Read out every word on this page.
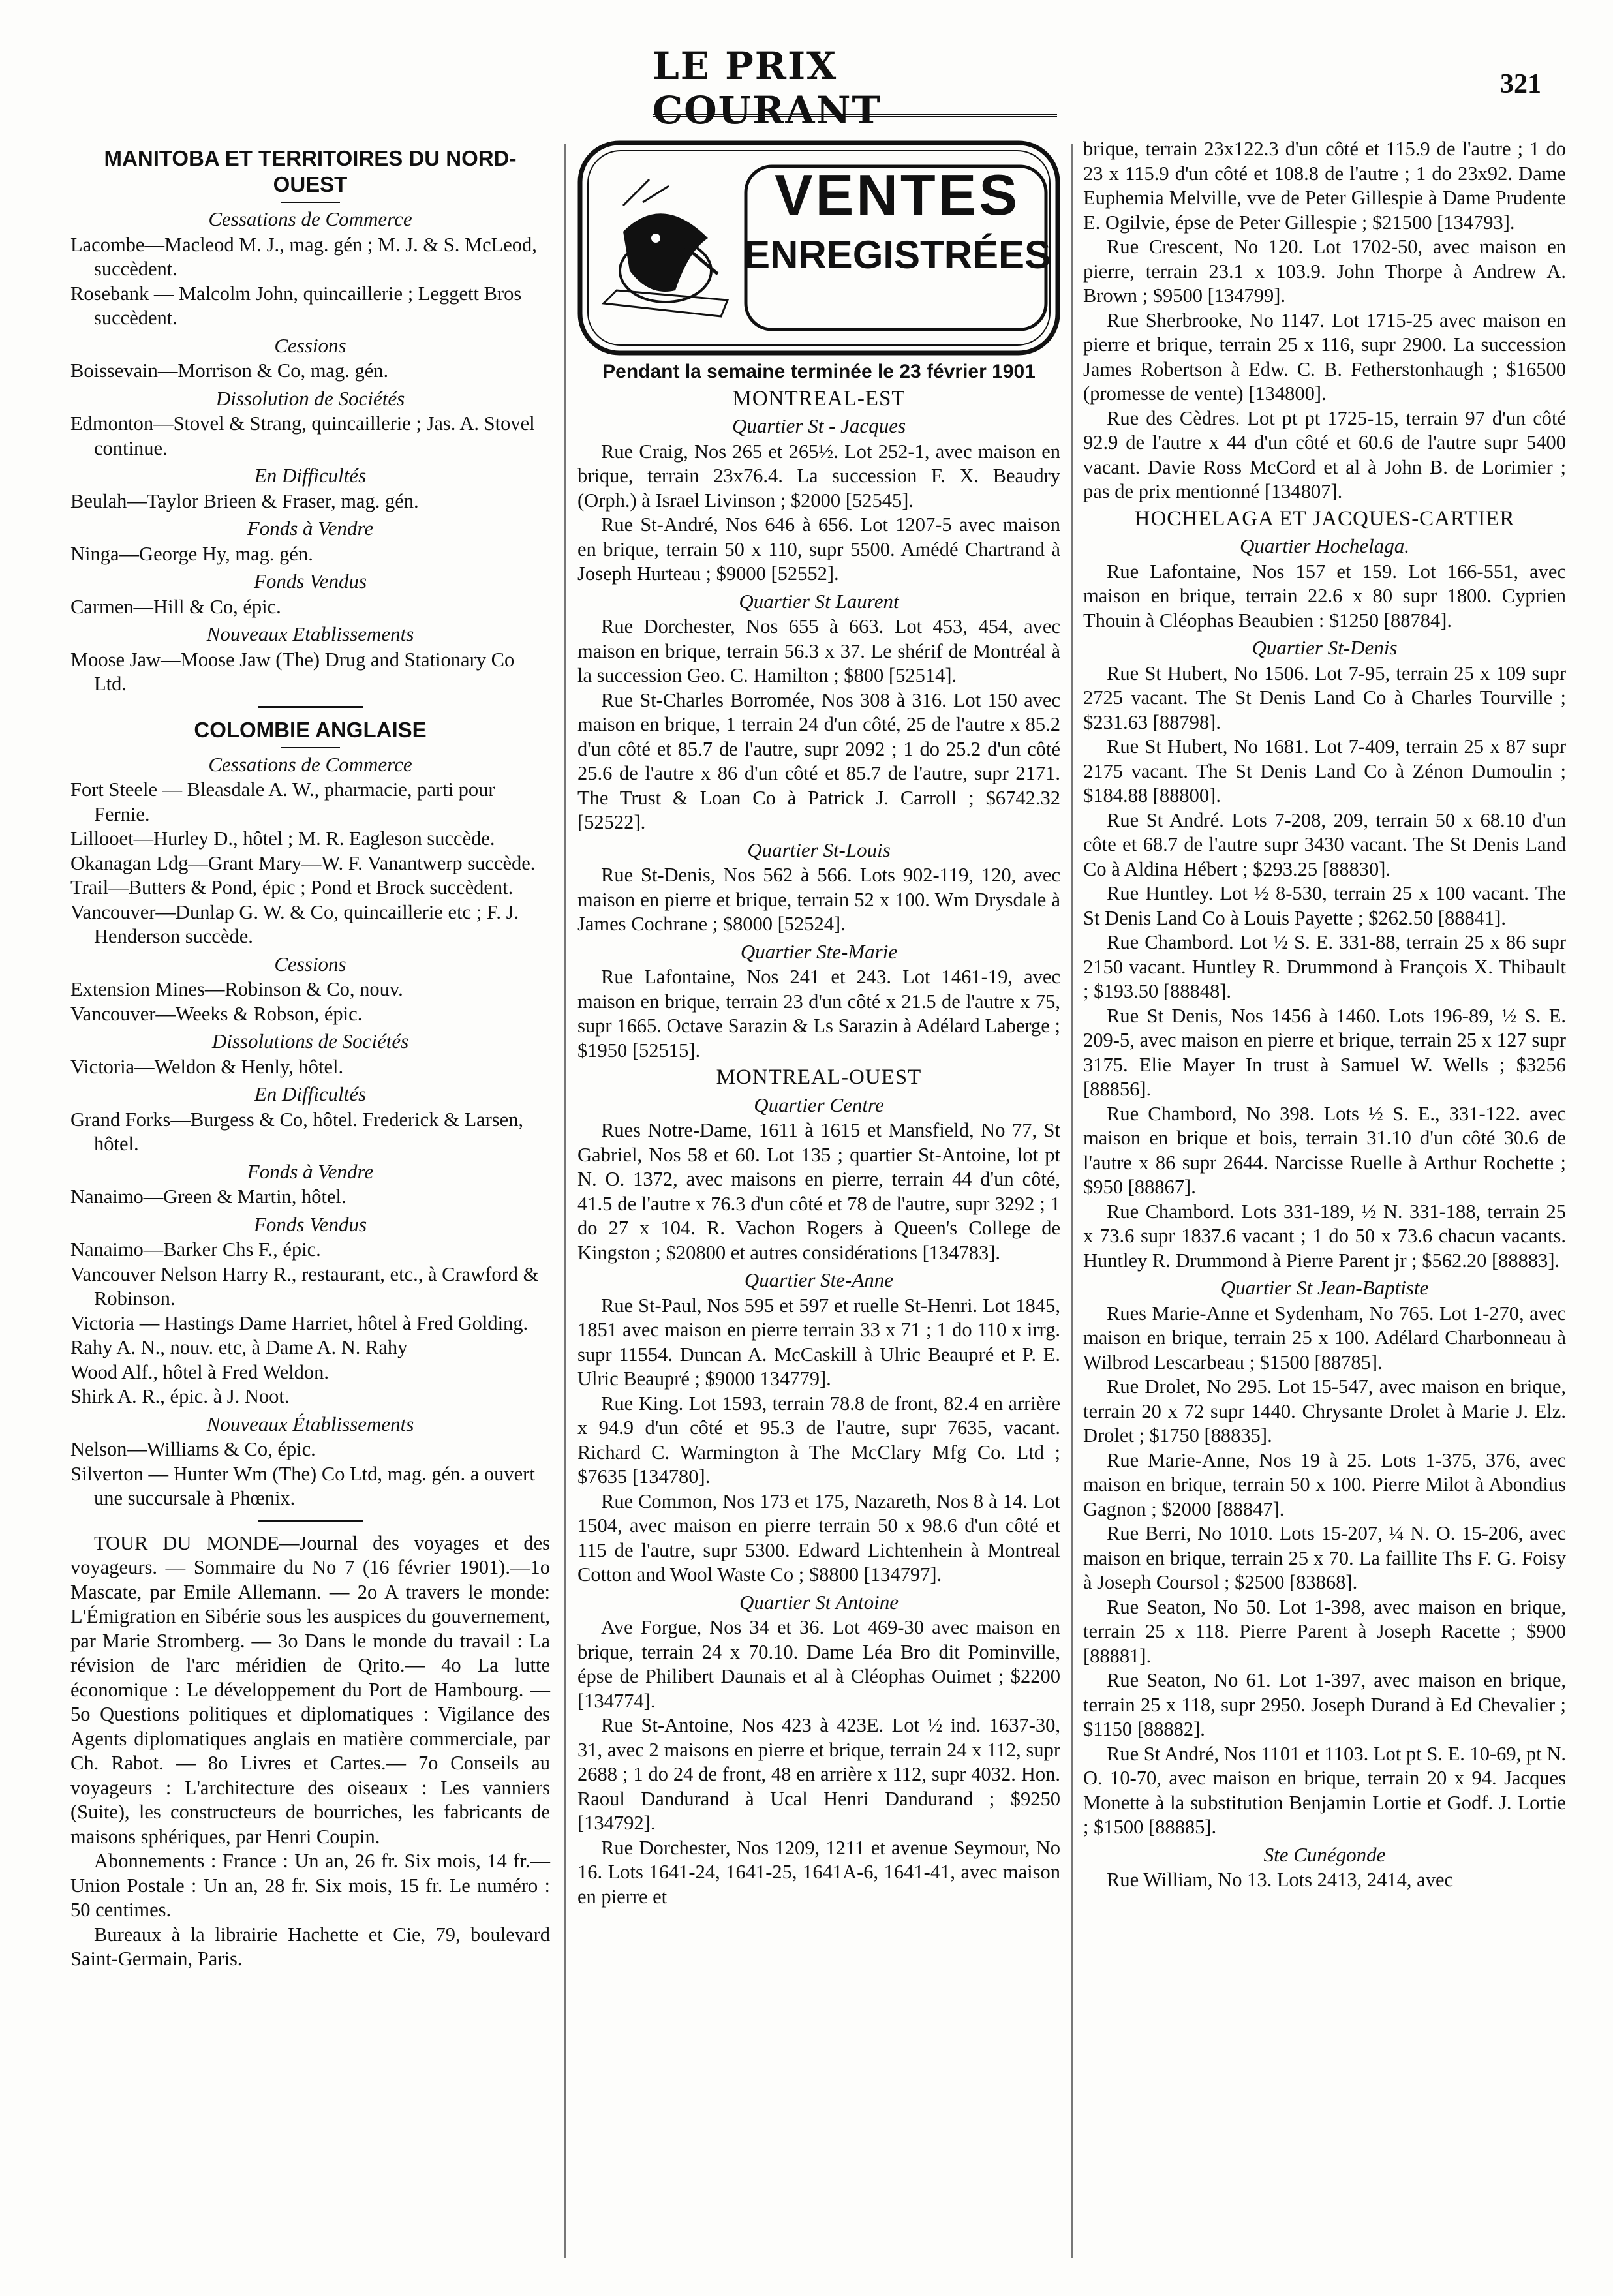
LE PRIX COURANT
321
MANITOBA ET TERRITOIRES DU NORD-OUEST
Cessations de Commerce

Lacombe—Macleod M. J., mag. gén ; M. J. & S. McLeod, succèdent.

Rosebank — Malcolm John, quincaillerie ; Leggett Bros succèdent.

Cessions

Boissevain—Morrison & Co, mag. gén.

Dissolution de Sociétés

Edmonton—Stovel & Strang, quincaillerie ; Jas. A. Stovel continue.

En Difficultés

Beulah—Taylor Brieen & Fraser, mag. gén.

Fonds à Vendre

Ninga—George Hy, mag. gén.

Fonds Vendus

Carmen—Hill & Co, épic.

Nouveaux Etablissements

Moose Jaw—Moose Jaw (The) Drug and Stationary Co Ltd.

COLOMBIE ANGLAISE
Cessations de Commerce

Fort Steele — Bleasdale A. W., pharmacie, parti pour Fernie.

Lillooet—Hurley D., hôtel ; M. R. Eagleson succède.

Okanagan Ldg—Grant Mary—W. F. Vanantwerp succède.

Trail—Butters & Pond, épic ; Pond et Brock succèdent.

Vancouver—Dunlap G. W. & Co, quincaillerie etc ; F. J. Henderson succède.

Cessions

Extension Mines—Robinson & Co, nouv.

Vancouver—Weeks & Robson, épic.

Dissolutions de Sociétés

Victoria—Weldon & Henly, hôtel.

En Difficultés

Grand Forks—Burgess & Co, hôtel. Frederick & Larsen, hôtel.

Fonds à Vendre

Nanaimo—Green & Martin, hôtel.

Fonds Vendus

Nanaimo—Barker Chs F., épic.

Vancouver Nelson Harry R., restaurant, etc., à Crawford & Robinson.

Victoria — Hastings Dame Harriet, hôtel à Fred Golding.

Rahy A. N., nouv. etc, à Dame A. N. Rahy

Wood Alf., hôtel à Fred Weldon.

Shirk A. R., épic. à J. Noot.

Nouveaux Établissements

Nelson—Williams & Co, épic.

Silverton — Hunter Wm (The) Co Ltd, mag. gén. a ouvert une succursale à Phœnix.

TOUR DU MONDE—Journal des voyages et des voyageurs. — Sommaire du No 7 (16 février 1901).—1o Mascate, par Emile Allemann. — 2o A travers le monde: L'Émigration en Sibérie sous les auspices du gouvernement, par Marie Stromberg. — 3o Dans le monde du travail : La révision de l'arc méridien de Qrito.— 4o La lutte économique : Le développement du Port de Hambourg. — 5o Questions politiques et diplomatiques : Vigilance des Agents diplomatiques anglais en matière commerciale, par Ch. Rabot. — 8o Livres et Cartes.— 7o Conseils au voyageurs : L'architecture des oiseaux : Les vanniers (Suite), les constructeurs de bourriches, les fabricants de maisons sphériques, par Henri Coupin.

Abonnements : France : Un an, 26 fr. Six mois, 14 fr.—Union Postale : Un an, 28 fr. Six mois, 15 fr. Le numéro : 50 centimes.

Bureaux à la librairie Hachette et Cie, 79, boulevard Saint-Germain, Paris.

VENTES
ENREGISTRÉES
Pendant la semaine terminée le 23 février 1901
MONTREAL-EST
Quartier St - Jacques

Rue Craig, Nos 265 et 265½. Lot 252-1, avec maison en brique, terrain 23x76.4. La succession F. X. Beaudry (Orph.) à Israel Livinson ; $2000 [52545].

Rue St-André, Nos 646 à 656. Lot 1207-5 avec maison en brique, terrain 50 x 110, supr 5500. Amédé Chartrand à Joseph Hurteau ; $9000 [52552].

Quartier St Laurent

Rue Dorchester, Nos 655 à 663. Lot 453, 454, avec maison en brique, terrain 56.3 x 37. Le shérif de Montréal à la succession Geo. C. Hamilton ; $800 [52514].

Rue St-Charles Borromée, Nos 308 à 316. Lot 150 avec maison en brique, 1 terrain 24 d'un côté, 25 de l'autre x 85.2 d'un côté et 85.7 de l'autre, supr 2092 ; 1 do 25.2 d'un côté 25.6 de l'autre x 86 d'un côté et 85.7 de l'autre, supr 2171. The Trust & Loan Co à Patrick J. Carroll ; $6742.32 [52522].

Quartier St-Louis

Rue St-Denis, Nos 562 à 566. Lots 902-119, 120, avec maison en pierre et brique, terrain 52 x 100. Wm Drysdale à James Cochrane ; $8000 [52524].

Quartier Ste-Marie

Rue Lafontaine, Nos 241 et 243. Lot 1461-19, avec maison en brique, terrain 23 d'un côté x 21.5 de l'autre x 75, supr 1665. Octave Sarazin & Ls Sarazin à Adélard Laberge ; $1950 [52515].

MONTREAL-OUEST
Quartier Centre

Rues Notre-Dame, 1611 à 1615 et Mansfield, No 77, St Gabriel, Nos 58 et 60. Lot 135 ; quartier St-Antoine, lot pt N. O. 1372, avec maisons en pierre, terrain 44 d'un côté, 41.5 de l'autre x 76.3 d'un côté et 78 de l'autre, supr 3292 ; 1 do 27 x 104. R. Vachon Rogers à Queen's College de Kingston ; $20800 et autres considérations [134783].

Quartier Ste-Anne

Rue St-Paul, Nos 595 et 597 et ruelle St-Henri. Lot 1845, 1851 avec maison en pierre terrain 33 x 71 ; 1 do 110 x irrg. supr 11554. Duncan A. McCaskill à Ulric Beaupré et P. E. Ulric Beaupré ; $9000 134779].

Rue King. Lot 1593, terrain 78.8 de front, 82.4 en arrière x 94.9 d'un côté et 95.3 de l'autre, supr 7635, vacant. Richard C. Warmington à The McClary Mfg Co. Ltd ; $7635 [134780].

Rue Common, Nos 173 et 175, Nazareth, Nos 8 à 14. Lot 1504, avec maison en pierre terrain 50 x 98.6 d'un côté et 115 de l'autre, supr 5300. Edward Lichtenhein à Montreal Cotton and Wool Waste Co ; $8800 [134797].

Quartier St Antoine

Ave Forgue, Nos 34 et 36. Lot 469-30 avec maison en brique, terrain 24 x 70.10. Dame Léa Bro dit Pominville, épse de Philibert Daunais et al à Cléophas Ouimet ; $2200 [134774].

Rue St-Antoine, Nos 423 à 423E. Lot ½ ind. 1637-30, 31, avec 2 maisons en pierre et brique, terrain 24 x 112, supr 2688 ; 1 do 24 de front, 48 en arrière x 112, supr 4032. Hon. Raoul Dandurand à Ucal Henri Dandurand ; $9250 [134792].

Rue Dorchester, Nos 1209, 1211 et avenue Seymour, No 16. Lots 1641-24, 1641-25, 1641A-6, 1641-41, avec maison en pierre et

brique, terrain 23x122.3 d'un côté et 115.9 de l'autre ; 1 do 23 x 115.9 d'un côté et 108.8 de l'autre ; 1 do 23x92. Dame Euphemia Melville, vve de Peter Gillespie à Dame Prudente E. Ogilvie, épse de Peter Gillespie ; $21500 [134793].

Rue Crescent, No 120. Lot 1702-50, avec maison en pierre, terrain 23.1 x 103.9. John Thorpe à Andrew A. Brown ; $9500 [134799].

Rue Sherbrooke, No 1147. Lot 1715-25 avec maison en pierre et brique, terrain 25 x 116, supr 2900. La succession James Robertson à Edw. C. B. Fetherstonhaugh ; $16500 (promesse de vente) [134800].

Rue des Cèdres. Lot pt pt 1725-15, terrain 97 d'un côté 92.9 de l'autre x 44 d'un côté et 60.6 de l'autre supr 5400 vacant. Davie Ross McCord et al à John B. de Lorimier ; pas de prix mentionné [134807].

HOCHELAGA ET JACQUES-CARTIER
Quartier Hochelaga.

Rue Lafontaine, Nos 157 et 159. Lot 166-551, avec maison en brique, terrain 22.6 x 80 supr 1800. Cyprien Thouin à Cléophas Beaubien : $1250 [88784].

Quartier St-Denis

Rue St Hubert, No 1506. Lot 7-95, terrain 25 x 109 supr 2725 vacant. The St Denis Land Co à Charles Tourville ; $231.63 [88798].

Rue St Hubert, No 1681. Lot 7-409, terrain 25 x 87 supr 2175 vacant. The St Denis Land Co à Zénon Dumoulin ; $184.88 [88800].

Rue St André. Lots 7-208, 209, terrain 50 x 68.10 d'un côte et 68.7 de l'autre supr 3430 vacant. The St Denis Land Co à Aldina Hébert ; $293.25 [88830].

Rue Huntley. Lot ½ 8-530, terrain 25 x 100 vacant. The St Denis Land Co à Louis Payette ; $262.50 [88841].

Rue Chambord. Lot ½ S. E. 331-88, terrain 25 x 86 supr 2150 vacant. Huntley R. Drummond à François X. Thibault ; $193.50 [88848].

Rue St Denis, Nos 1456 à 1460. Lots 196-89, ½ S. E. 209-5, avec maison en pierre et brique, terrain 25 x 127 supr 3175. Elie Mayer In trust à Samuel W. Wells ; $3256 [88856].

Rue Chambord, No 398. Lots ½ S. E., 331-122. avec maison en brique et bois, terrain 31.10 d'un côté 30.6 de l'autre x 86 supr 2644. Narcisse Ruelle à Arthur Rochette ; $950 [88867].

Rue Chambord. Lots 331-189, ½ N. 331-188, terrain 25 x 73.6 supr 1837.6 vacant ; 1 do 50 x 73.6 chacun vacants. Huntley R. Drummond à Pierre Parent jr ; $562.20 [88883].

Quartier St Jean-Baptiste

Rues Marie-Anne et Sydenham, No 765. Lot 1-270, avec maison en brique, terrain 25 x 100. Adélard Charbonneau à Wilbrod Lescarbeau ; $1500 [88785].

Rue Drolet, No 295. Lot 15-547, avec maison en brique, terrain 20 x 72 supr 1440. Chrysante Drolet à Marie J. Elz. Drolet ; $1750 [88835].

Rue Marie-Anne, Nos 19 à 25. Lots 1-375, 376, avec maison en brique, terrain 50 x 100. Pierre Milot à Abondius Gagnon ; $2000 [88847].

Rue Berri, No 1010. Lots 15-207, ¼ N. O. 15-206, avec maison en brique, terrain 25 x 70. La faillite Ths F. G. Foisy à Joseph Coursol ; $2500 [83868].

Rue Seaton, No 50. Lot 1-398, avec maison en brique, terrain 25 x 118. Pierre Parent à Joseph Racette ; $900 [88881].

Rue Seaton, No 61. Lot 1-397, avec maison en brique, terrain 25 x 118, supr 2950. Joseph Durand à Ed Chevalier ; $1150 [88882].

Rue St André, Nos 1101 et 1103. Lot pt S. E. 10-69, pt N. O. 10-70, avec maison en brique, terrain 20 x 94. Jacques Monette à la substitution Benjamin Lortie et Godf. J. Lortie ; $1500 [88885].

Ste Cunégonde

Rue William, No 13. Lots 2413, 2414, avec
